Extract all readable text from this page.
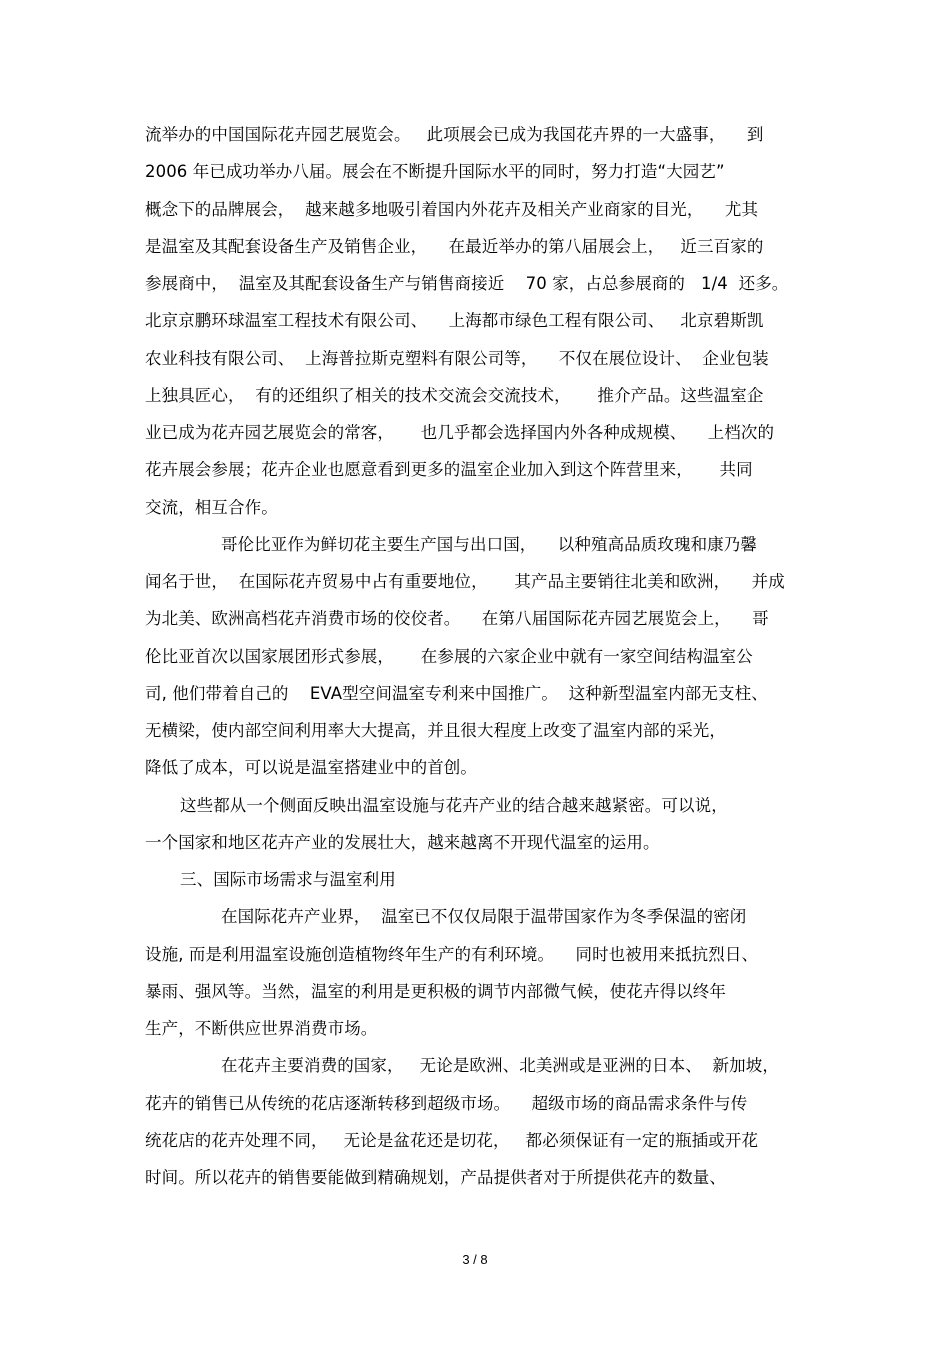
流举办的中国国际花卉园艺展览会。   此项展会已成为我国花卉界的一大盛事，    到
2006 年已成功举办八届。展会在不断提升国际水平的同时，努力打造“大园艺”
概念下的品牌展会，  越来越多地吸引着国内外花卉及相关产业商家的目光，    尤其
是温室及其配套设备生产及销售企业，    在最近举办的第八届展会上，   近三百家的
参展商中，  温室及其配套设备生产与销售商接近    70 家，占总参展商的   1/4  还多。
北京京鹏环球温室工程技术有限公司、    上海都市绿色工程有限公司、   北京碧斯凯
农业科技有限公司、  上海普拉斯克塑料有限公司等，    不仅在展位设计、  企业包装
上独具匠心，  有的还组织了相关的技术交流会交流技术，     推介产品。这些温室企
业已成为花卉园艺展览会的常客，     也几乎都会选择国内外各种成规模、    上档次的
花卉展会参展；花卉企业也愿意看到更多的温室企业加入到这个阵营里来，     共同
交流，相互合作。
哥伦比亚作为鲜切花主要生产国与出口国，    以种殖高品质玫瑰和康乃馨
闻名于世，  在国际花卉贸易中占有重要地位，     其产品主要销往北美和欧洲，    并成
为北美、欧洲高档花卉消费市场的佼佼者。    在第八届国际花卉园艺展览会上，    哥
伦比亚首次以国家展团形式参展，     在参展的六家企业中就有一家空间结构温室公
司, 他们带着自己的    EVA型空间温室专利来中国推广。  这种新型温室内部无支柱、
无横梁，使内部空间利用率大大提高，并且很大程度上改变了温室内部的采光，
降低了成本，可以说是温室搭建业中的首创。
这些都从一个侧面反映出温室设施与花卉产业的结合越来越紧密。可以说，
一个国家和地区花卉产业的发展壮大，越来越离不开现代温室的运用。
三、国际市场需求与温室利用
在国际花卉产业界，  温室已不仅仅局限于温带国家作为冬季保温的密闭
设施, 而是利用温室设施创造植物终年生产的有利环境。    同时也被用来抵抗烈日、
暴雨、强风等。当然，温室的利用是更积极的调节内部微气候，使花卉得以终年
生产，不断供应世界消费市场。
在花卉主要消费的国家，   无论是欧洲、北美洲或是亚洲的日本、  新加坡，
花卉的销售已从传统的花店逐渐转移到超级市场。    超级市场的商品需求条件与传
统花店的花卉处理不同，   无论是盆花还是切花，   都必须保证有一定的瓶插或开花
时间。所以花卉的销售要能做到精确规划，产品提供者对于所提供花卉的数量、
3 / 8
